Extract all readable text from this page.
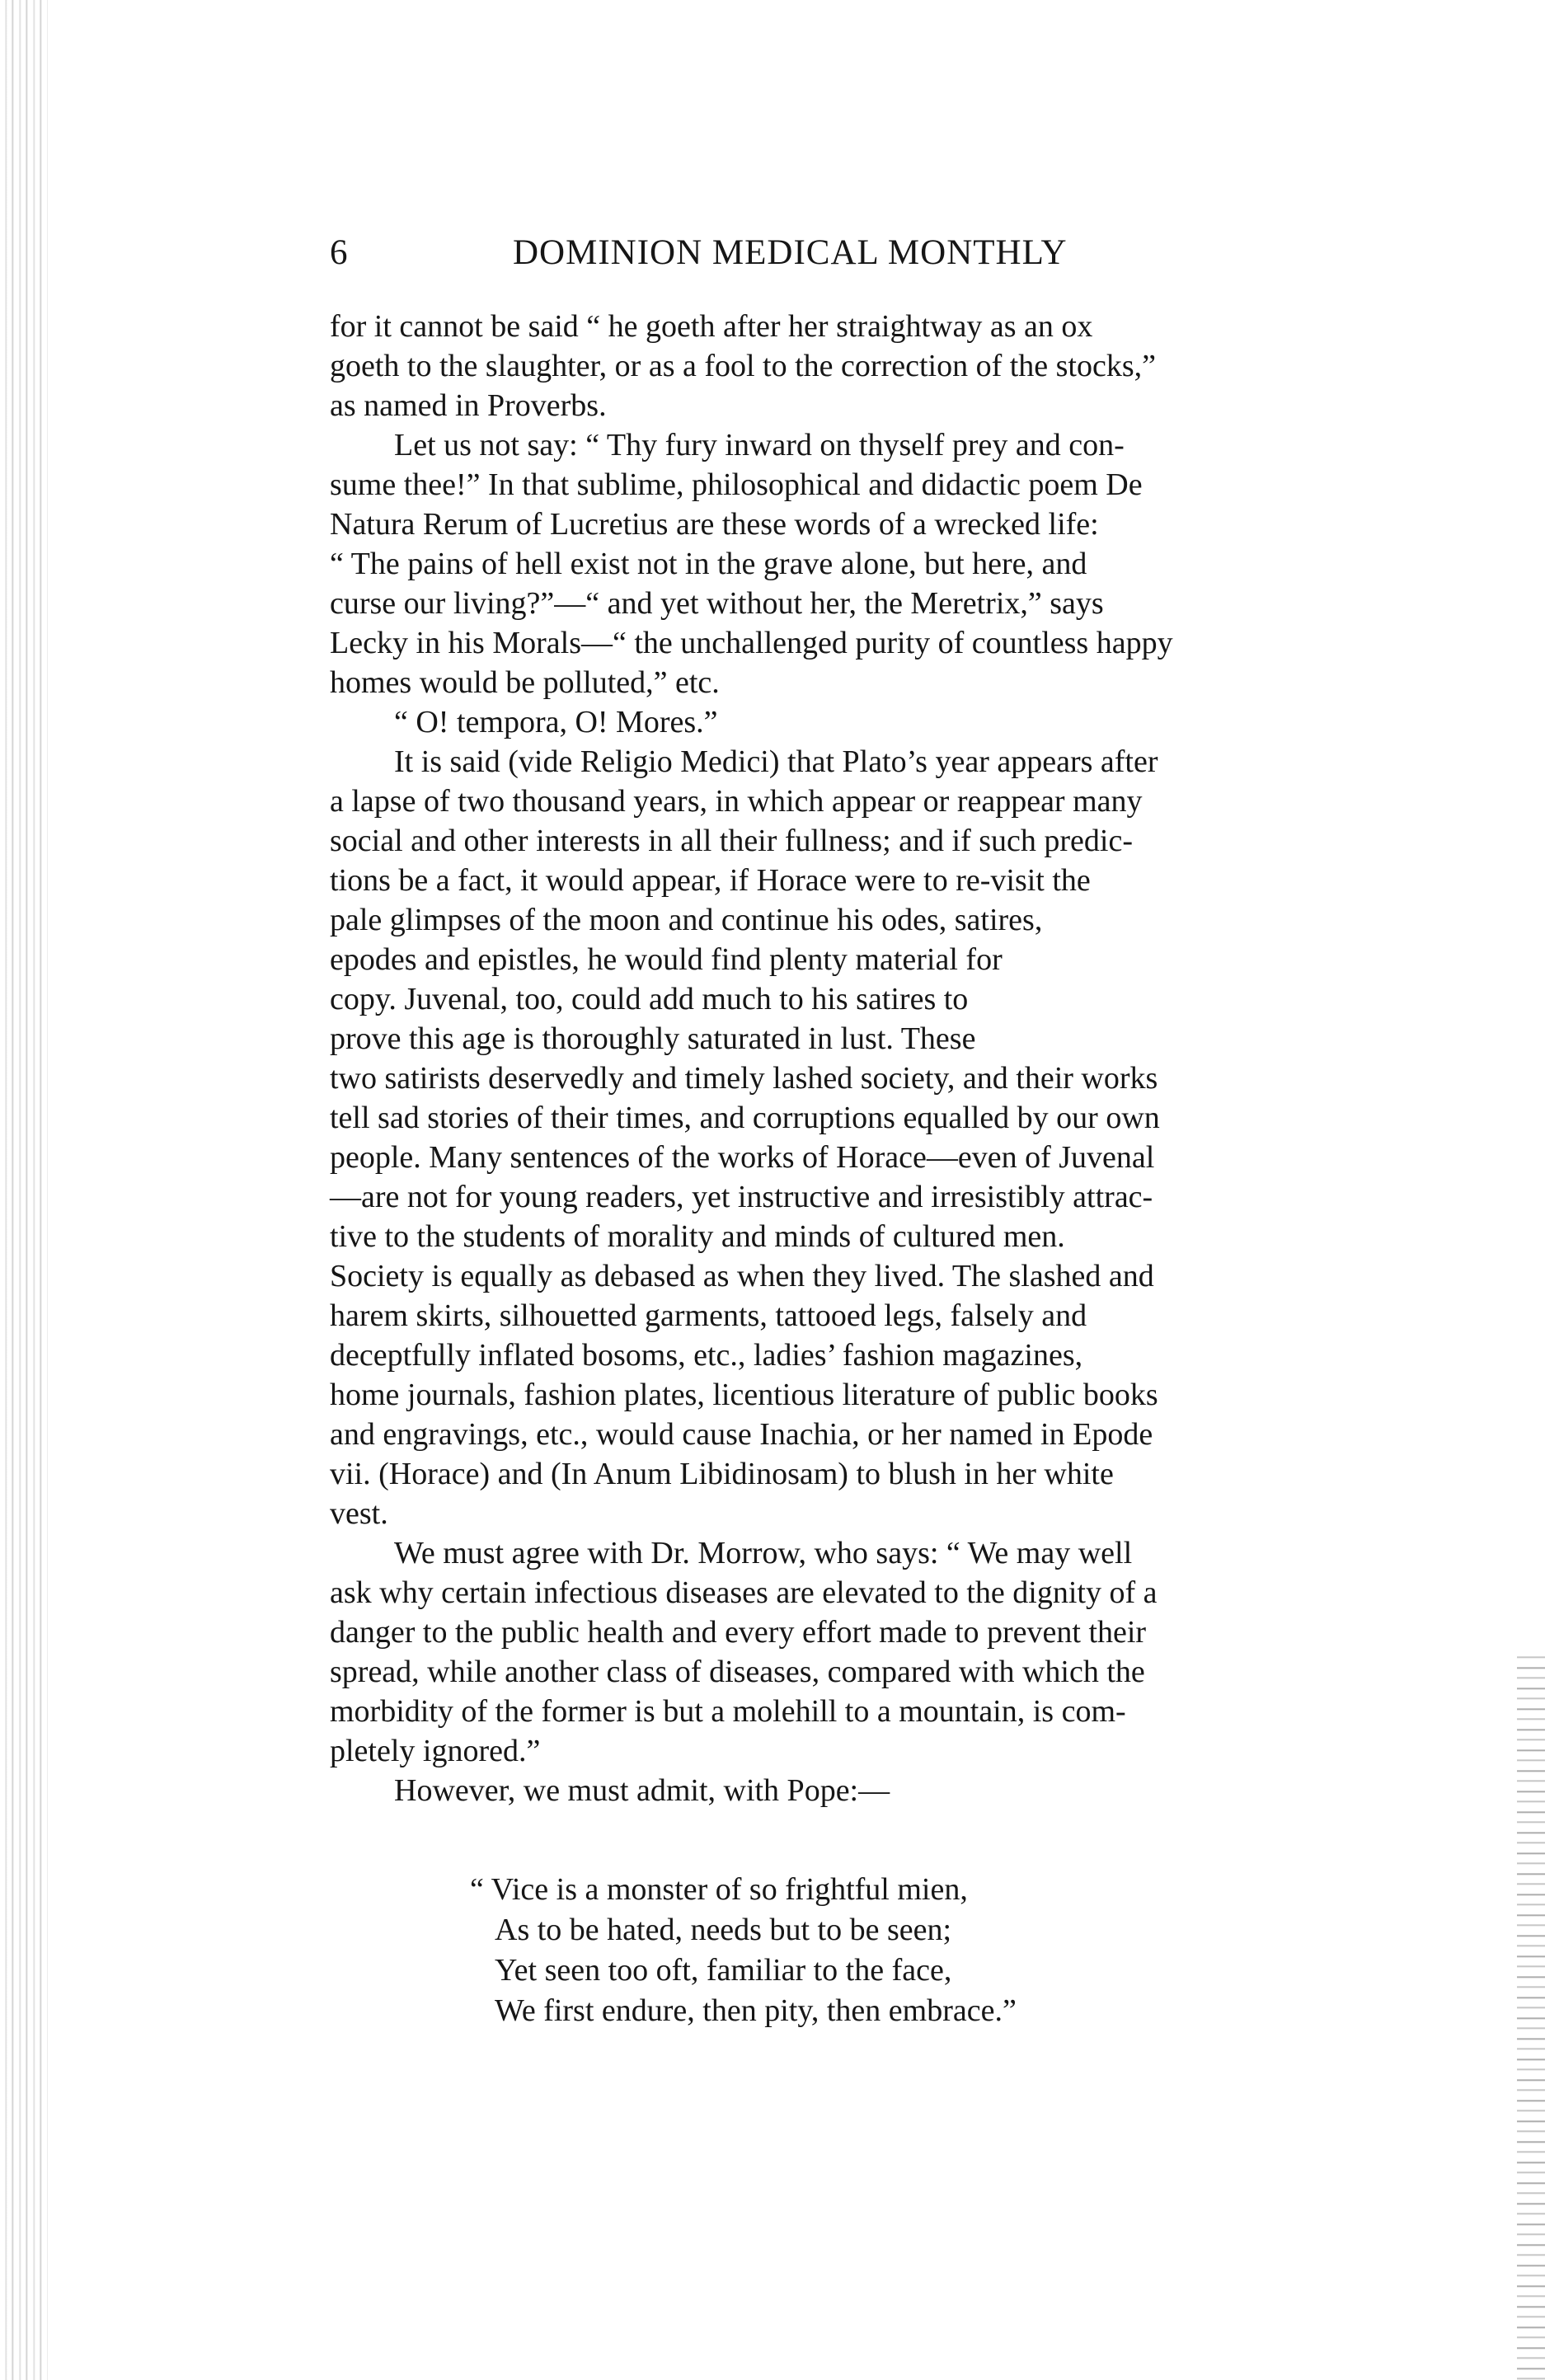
6	DOMINION MEDICAL MONTHLY
for it cannot be said “ he goeth after her straightway as an ox
goeth to the slaughter, or as a fool to the correction of the stocks,”
as named in Proverbs.
Let us not say: “ Thy fury inward on thyself prey and con-
sume thee!” In that sublime, philosophical and didactic poem De
Natura Rerum of Lucretius are these words of a wrecked life:
“ The pains of hell exist not in the grave alone, but here, and
curse our living?”—“ and yet without her, the Meretrix,” says
Lecky in his Morals—“ the unchallenged purity of countless happy
homes would be polluted,” etc.
“ O! tempora, O! Mores.”
It is said (vide Religio Medici) that Plato’s year appears after
a lapse of two thousand years, in which appear or reappear many
social and other interests in all their fullness; and if such predic-
tions be a fact, it would appear, if Horace were to re-visit the
pale glimpses of the moon and continue his odes, satires,
epodes and epistles, he would find plenty material for
copy. Juvenal, too, could add much to his satires to
prove this age is thoroughly saturated in lust. These
two satirists deservedly and timely lashed society, and their works
tell sad stories of their times, and corruptions equalled by our own
people. Many sentences of the works of Horace—even of Juvenal
—are not for young readers, yet instructive and irresistibly attrac-
tive to the students of morality and minds of cultured men.
Society is equally as debased as when they lived. The slashed and
harem skirts, silhouetted garments, tattooed legs, falsely and
deceptfully inflated bosoms, etc., ladies’ fashion magazines,
home journals, fashion plates, licentious literature of public books
and engravings, etc., would cause Inachia, or her named in Epode
vii. (Horace) and (In Anum Libidinosam) to blush in her white
vest.
We must agree with Dr. Morrow, who says: “ We may well
ask why certain infectious diseases are elevated to the dignity of a
danger to the public health and every effort made to prevent their
spread, while another class of diseases, compared with which the
morbidity of the former is but a molehill to a mountain, is com-
pletely ignored.”
However, we must admit, with Pope:—
“ Vice is a monster of so frightful mien,
As to be hated, needs but to be seen;
Yet seen too oft, familiar to the face,
We first endure, then pity, then embrace.”
